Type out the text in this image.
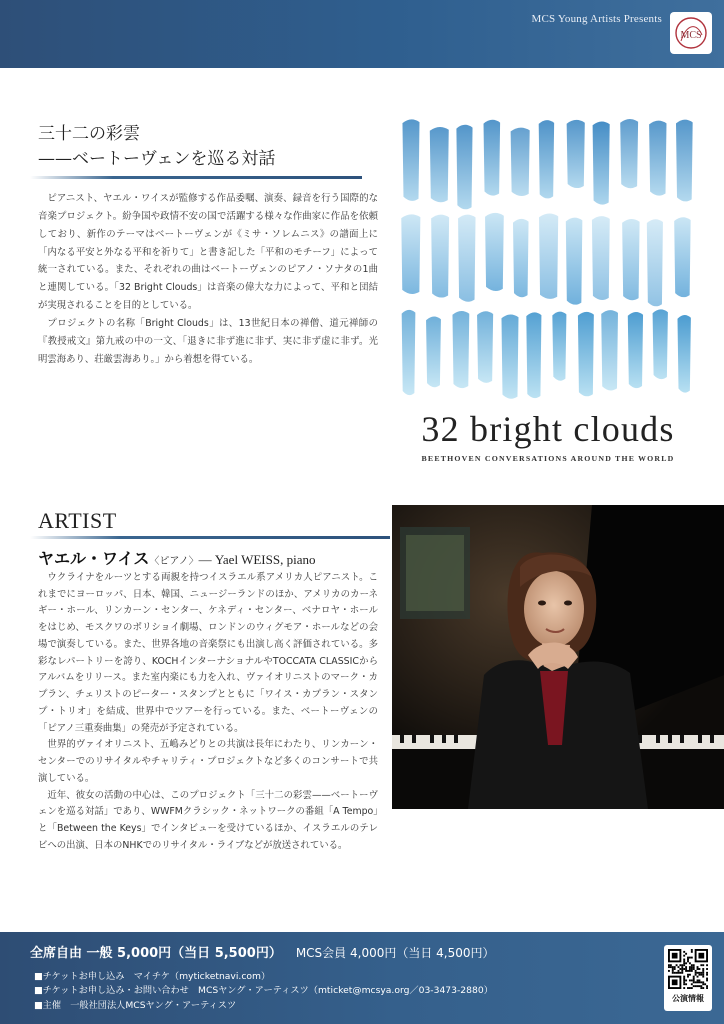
MCS Young Artists Presents
MCS
三十二の彩雲
——ベートーヴェンを巡る対話

ピアニスト、ヤエル・ワイスが監修する作品委嘱、演奏、録音を行う国際的な音楽プロジェクト。紛争国や政情不安の国で活躍する様々な作曲家に作品を依頼しており、新作のテーマはベートーヴェンが《ミサ・ソレムニス》の譜面上に「内なる平安と外なる平和を祈りて」と書き記した「平和のモチーフ」によって統一されている。また、それぞれの曲はベートーヴェンのピアノ・ソナタの1曲と連関している。「32 Bright Clouds」は音楽の偉大な力によって、平和と団結が実現されることを目的としている。

プロジェクトの名称「Bright Clouds」は、13世紀日本の禅僧、道元禅師の『教授戒文』第九戒の中の一文、「退きに非ず進に非ず、実に非ず虚に非ず。光明雲海あり、荘厳雲海あり。」から着想を得ている。

32 bright clouds
BEETHOVEN CONVERSATIONS AROUND THE WORLD
ARTIST
ヤエル・ワイス〈ピアノ〉— Yael WEISS, piano

ウクライナをルーツとする両親を持つイスラエル系アメリカ人ピアニスト。これまでにヨーロッパ、日本、韓国、ニュージーランドのほか、アメリカのカーネギー・ホール、リンカーン・センター、ケネディ・センター、ベナロヤ・ホールをはじめ、モスクワのボリショイ劇場、ロンドンのウィグモア・ホールなどの会場で演奏している。また、世界各地の音楽祭にも出演し高く評価されている。多彩なレパートリーを誇り、KOCHインターナショナルやTOCCATA CLASSICからアルバムをリリース。また室内楽にも力を入れ、ヴァイオリニストのマーク・カプラン、チェリストのピーター・スタンプとともに「ワイス・カプラン・スタンプ・トリオ」を結成、世界中でツアーを行っている。また、ベートーヴェンの「ピアノ三重奏曲集」の発売が予定されている。

世界的ヴァイオリニスト、五嶋みどりとの共演は長年にわたり、リンカーン・センターでのリサイタルやチャリティ・プロジェクトなど多くのコンサートで共演している。

近年、彼女の活動の中心は、このプロジェクト「三十二の彩雲——ベートーヴェンを巡る対話」であり、WWFMクラシック・ネットワークの番組「A Tempo」と「Between the Keys」でインタビューを受けているほか、イスラエルのテレビへの出演、日本のNHKでのリサイタル・ライブなどが放送されている。

全席自由 一般 5,000円（当日 5,500円） MCS会員 4,000円（当日 4,500円）
■チケットお申し込み　マイチケ（myticketnavi.com）
■チケットお申し込み・お問い合わせ　MCSヤング・アーティスツ（mticket@mcsya.org／03-3473-2880）
■主催　一般社団法人MCSヤング・アーティスツ
公演情報
